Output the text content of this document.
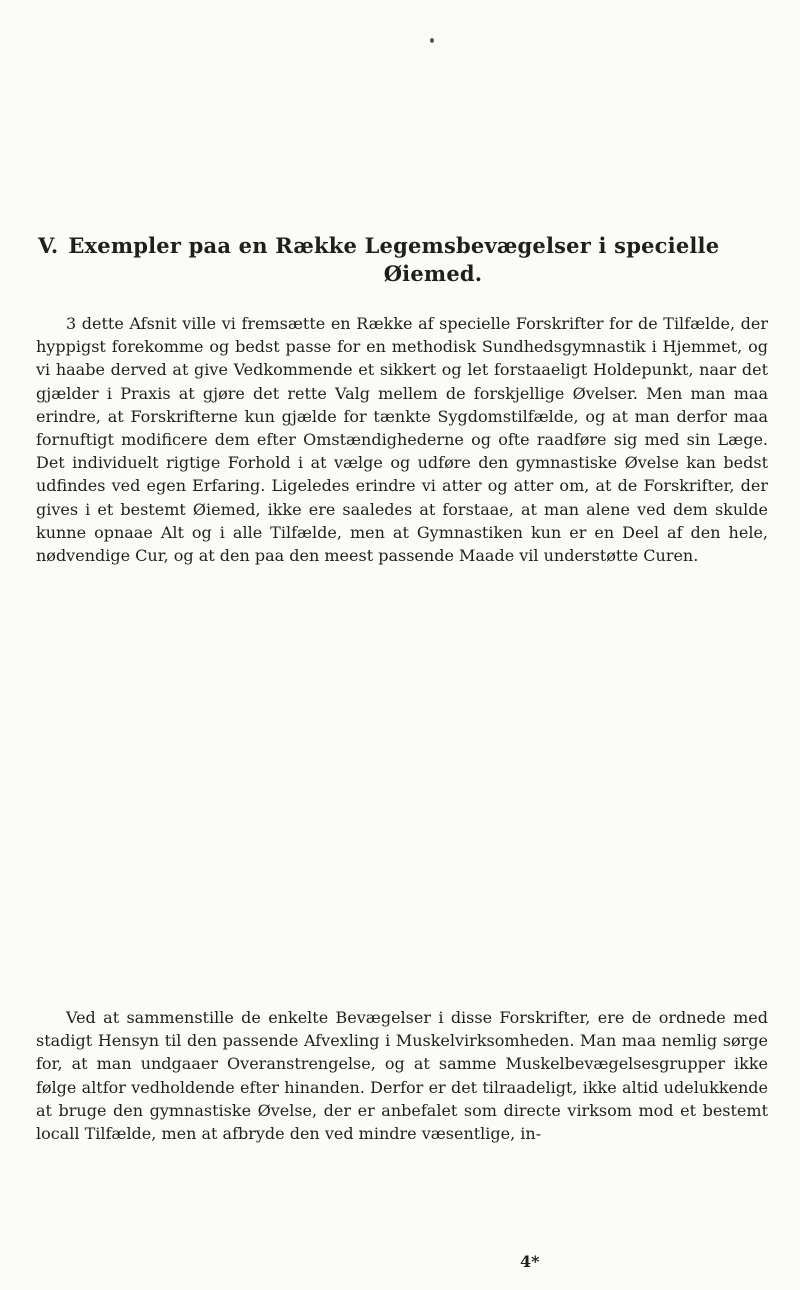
V. Exempler paa en Række Legemsbevægelser i specielle
Øiemed.

3 dette Afsnit ville vi fremsætte en Række af specielle Forskrifter for de Tilfælde, der hyppigst forekomme og bedst passe for en methodisk Sundhedsgymnastik i Hjemmet, og vi haabe derved at give Vedkommende et sikkert og let forstaaeligt Holdepunkt, naar det gjælder i Praxis at gjøre det rette Valg mellem de forskjellige Øvelser. Men man maa erindre, at Forskrifterne kun gjælde for tænkte Sygdomstilfælde, og at man derfor maa fornuftigt modificere dem efter Omstændighederne og ofte raadføre sig med sin Læge. Det individuelt rigtige Forhold i at vælge og udføre den gymnastiske Øvelse kan bedst udfindes ved egen Erfaring. Ligeledes erindre vi atter og atter om, at de Forskrifter, der gives i et bestemt Øiemed, ikke ere saaledes at forstaae, at man alene ved dem skulde kunne opnaae Alt og i alle Tilfælde, men at Gymnastiken kun er en Deel af den hele, nødvendige Cur, og at den paa den meest passende Maade vil understøtte Curen.

Ved at sammenstille de enkelte Bevægelser i disse Forskrifter, ere de ordnede med stadigt Hensyn til den passende Afvexling i Muskelvirksomheden. Man maa nemlig sørge for, at man undgaaer Overanstrengelse, og at samme Muskelbevægelsesgrupper ikke følge altfor vedholdende efter hinanden. Derfor er det tilraadeligt, ikke altid udelukkende at bruge den gymnastiske Øvelse, der er anbefalet som directe virksom mod et bestemt locall Tilfælde, men at afbryde den ved mindre væsentlige, in-

4*
